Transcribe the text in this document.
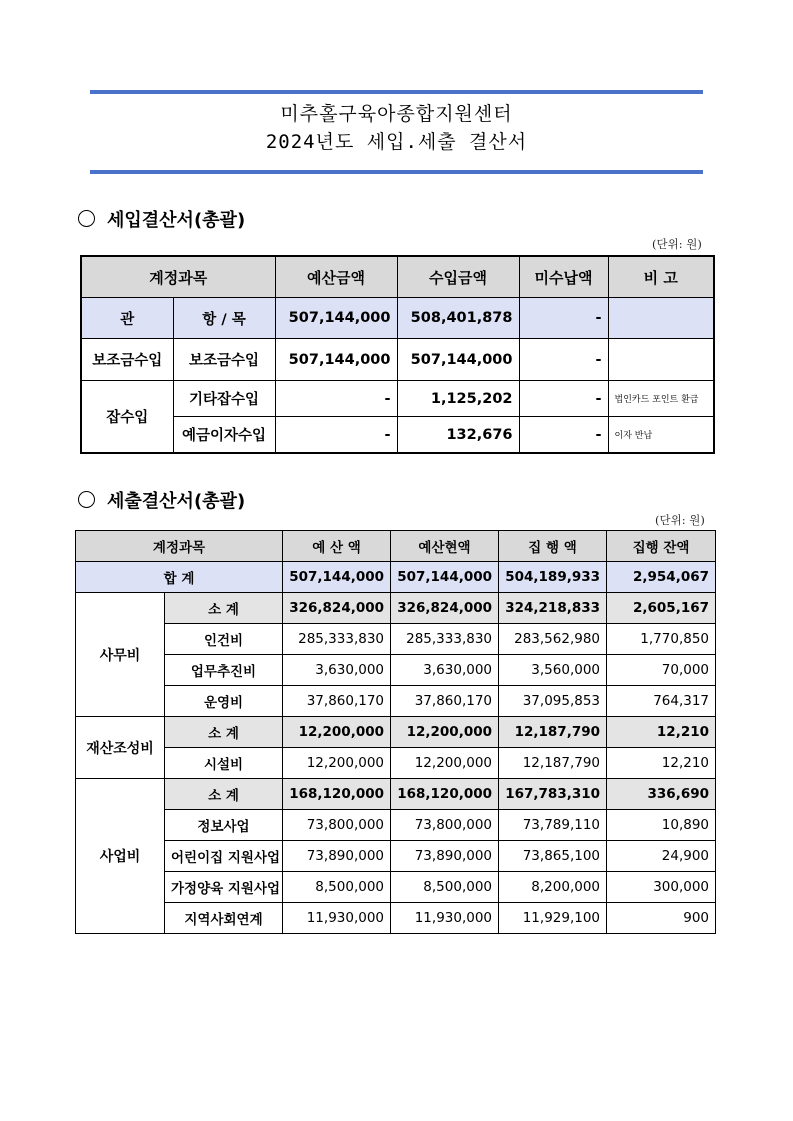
미추홀구육아종합지원센터
2024년도 세입.세출 결산서
세입결산서(총괄)
(단위: 원)
계정과목		예산금액	수입금액	미수납액	비 고
관	항 / 목	507,144,000	508,401,878	-	
보조금수입	보조금수입	507,144,000	507,144,000	-	
잡수입	기타잡수입	-	1,125,202	-	법인카드 포인트 환급
	예금이자수입	-	132,676	-	이자 반납
세출결산서(총괄)
(단위: 원)
계정과목		예 산 액	예산현액	집 행 액	집행 잔액
합 계		507,144,000	507,144,000	504,189,933	2,954,067
사무비	소 계	326,824,000	326,824,000	324,218,833	2,605,167
	인건비	285,333,830	285,333,830	283,562,980	1,770,850
	업무추진비	3,630,000	3,630,000	3,560,000	70,000
	운영비	37,860,170	37,860,170	37,095,853	764,317
재산조성비	소 계	12,200,000	12,200,000	12,187,790	12,210
	시설비	12,200,000	12,200,000	12,187,790	12,210
사업비	소 계	168,120,000	168,120,000	167,783,310	336,690
	정보사업	73,800,000	73,800,000	73,789,110	10,890
	어린이집 지원사업	73,890,000	73,890,000	73,865,100	24,900
	가정양육 지원사업	8,500,000	8,500,000	8,200,000	300,000
	지역사회연계	11,930,000	11,930,000	11,929,100	900
